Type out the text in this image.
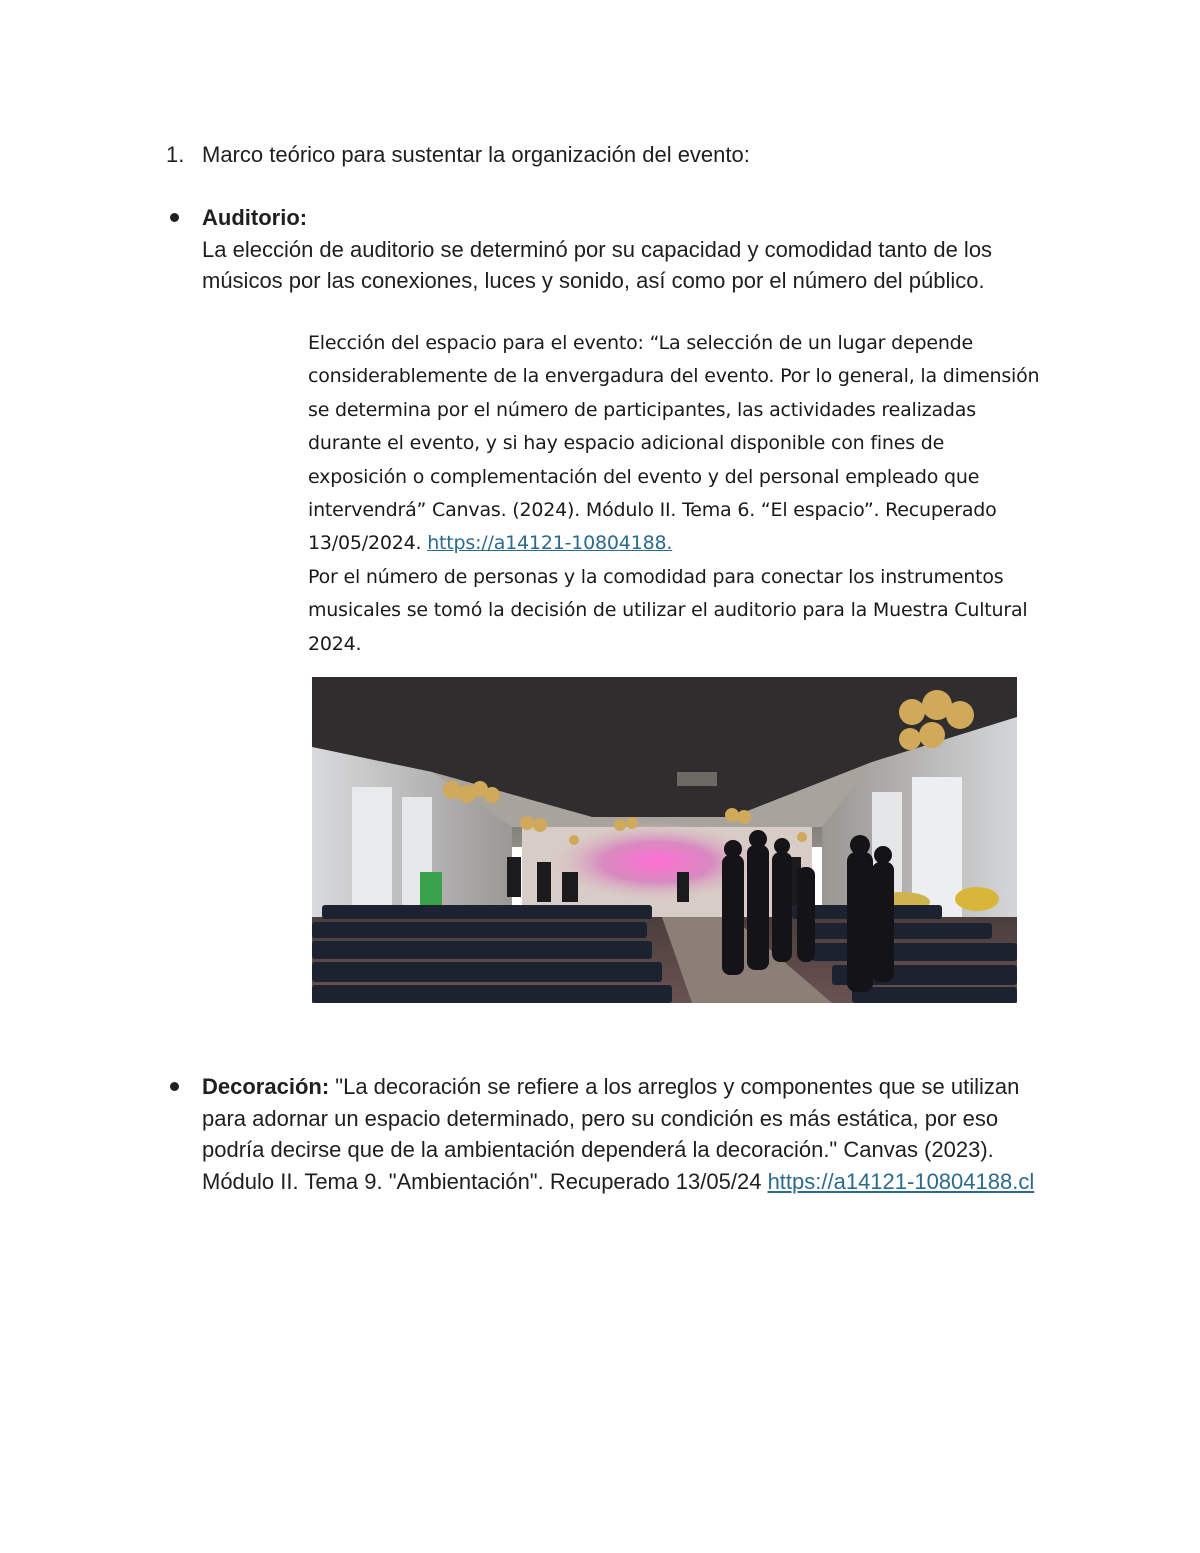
1. Marco teórico para sustentar la organización del evento:
Auditorio:
La elección de auditorio se determinó por su capacidad y comodidad tanto de los músicos por las conexiones, luces y sonido, así como por el número del público.
Elección del espacio para el evento: “La selección de un lugar depende considerablemente de la envergadura del evento. Por lo general, la dimensión se determina por el número de participantes, las actividades realizadas durante el evento, y si hay espacio adicional disponible con fines de exposición o complementación del evento y del personal empleado que intervendrá” Canvas. (2024). Módulo II. Tema 6. “El espacio”. Recuperado 13/05/2024. https://a14121-10804188.
Por el número de personas y la comodidad para conectar los instrumentos musicales se tomó la decisión de utilizar el auditorio para la Muestra Cultural 2024.
Decoración: "La decoración se refiere a los arreglos y componentes que se utilizan para adornar un espacio determinado, pero su condición es más estática, por eso podría decirse que de la ambientación dependerá la decoración." Canvas (2023). Módulo II. Tema 9. "Ambientación". Recuperado 13/05/24 https://a14121-10804188.cl
